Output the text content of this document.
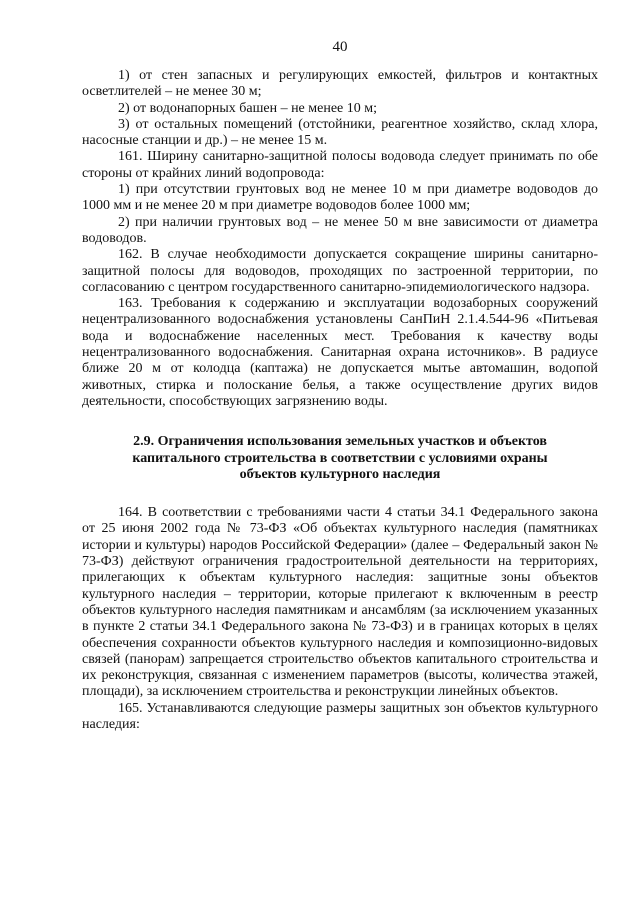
40

1) от стен запасных и регулирующих емкостей, фильтров и контактных осветлителей – не менее 30 м;

2) от водонапорных башен – не менее 10 м;

3) от остальных помещений (отстойники, реагентное хозяйство, склад хлора, насосные станции и др.) – не менее 15 м.

161. Ширину санитарно-защитной полосы водовода следует принимать по обе стороны от крайних линий водопровода:

1) при отсутствии грунтовых вод не менее 10 м при диаметре водоводов до 1000 мм и не менее 20 м при диаметре водоводов более 1000 мм;

2) при наличии грунтовых вод – не менее 50 м вне зависимости от диаметра водоводов.

162. В случае необходимости допускается сокращение ширины санитарно-защитной полосы для водоводов, проходящих по застроенной территории, по согласованию с центром государственного санитарно-эпидемиологического надзора.

163. Требования к содержанию и эксплуатации водозаборных сооружений нецентрализованного водоснабжения установлены СанПиН 2.1.4.544-96 «Питьевая вода и водоснабжение населенных мест. Требования к качеству воды нецентрализованного водоснабжения. Санитарная охрана источников». В радиусе ближе 20 м от колодца (каптажа) не допускается мытье автомашин, водопой животных, стирка и полоскание белья, а также осуществление других видов деятельности, способствующих загрязнению воды.

2.9. Ограничения использования земельных участков и объектов
капитального строительства в соответствии с условиями охраны
объектов культурного наследия

164. В соответствии с требованиями части 4 статьи 34.1 Федерального закона от 25 июня 2002 года № 73-ФЗ «Об объектах культурного наследия (памятниках истории и культуры) народов Российской Федерации» (далее – Федеральный закон № 73-ФЗ) действуют ограничения градостроительной деятельности на территориях, прилегающих к объектам культурного наследия: защитные зоны объектов культурного наследия – территории, которые прилегают к включенным в реестр объектов культурного наследия памятникам и ансамблям (за исключением указанных в пункте 2 статьи 34.1 Федерального закона № 73-ФЗ) и в границах которых в целях обеспечения сохранности объектов культурного наследия и композиционно-видовых связей (панорам) запрещается строительство объектов капитального строительства и их реконструкция, связанная с изменением параметров (высоты, количества этажей, площади), за исключением строительства и реконструкции линейных объектов.

165. Устанавливаются следующие размеры защитных зон объектов культурного наследия:
